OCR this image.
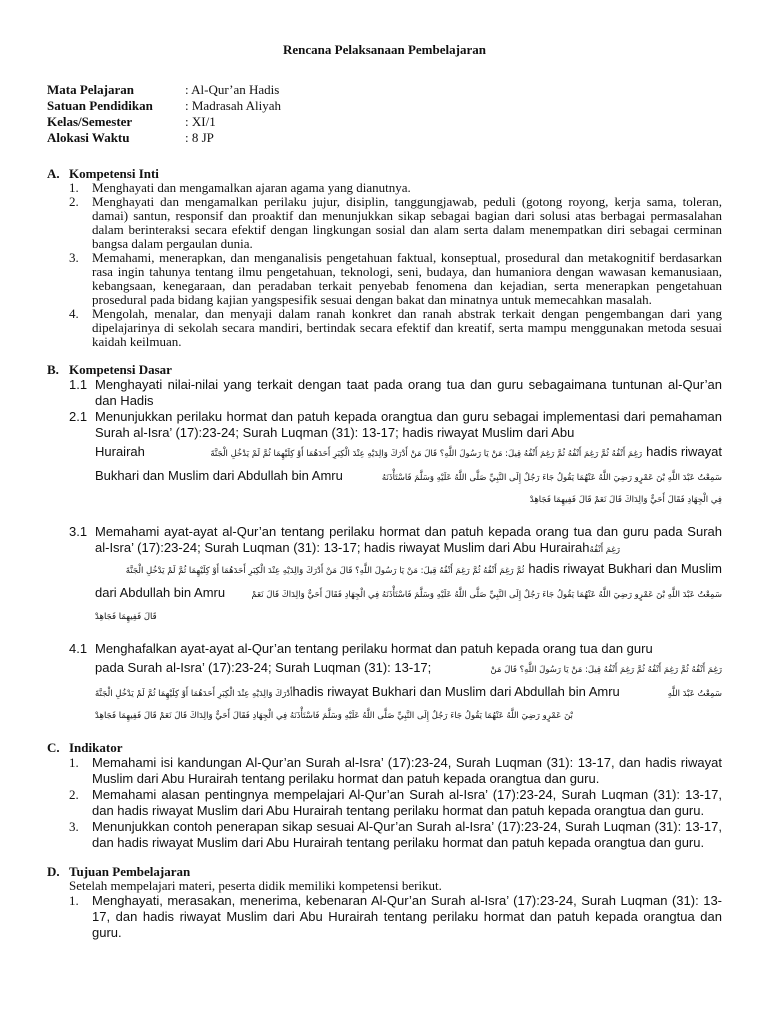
Rencana Pelaksanaan Pembelajaran
Mata Pelajaran	: Al-Qur’an Hadis
Satuan Pendidikan	: Madrasah Aliyah
Kelas/Semester	: XI/1
Alokasi Waktu	: 8 JP
A. Kompetensi Inti
1.	Menghayati dan mengamalkan ajaran agama yang dianutnya.
2.	Menghayati dan mengamalkan perilaku jujur, disiplin, tanggungjawab, peduli (gotong royong, kerja sama, toleran, damai) santun, responsif dan proaktif dan menunjukkan sikap sebagai bagian dari solusi atas berbagai permasalahan dalam berinteraksi secara efektif dengan lingkungan sosial dan alam serta dalam menempatkan diri sebagai cerminan bangsa dalam pergaulan dunia.
3.	Memahami, menerapkan, dan menganalisis pengetahuan faktual, konseptual, prosedural dan metakognitif berdasarkan rasa ingin tahunya tentang ilmu pengetahuan, teknologi, seni, budaya, dan humaniora dengan wawasan kemanusiaan, kebangsaan, kenegaraan, dan peradaban terkait penyebab fenomena dan kejadian, serta menerapkan pengetahuan prosedural pada bidang kajian yangspesifik sesuai dengan bakat dan minatnya untuk memecahkan masalah.
4.	Mengolah, menalar, dan menyaji dalam ranah konkret dan ranah abstrak terkait dengan pengembangan dari yang dipelajarinya di sekolah secara mandiri, bertindak secara efektif dan kreatif, serta mampu menggunakan metoda sesuai kaidah keilmuan.
B. Kompetensi Dasar
1.1 Menghayati nilai-nilai yang terkait dengan taat pada orang tua dan guru sebagaimana tuntunan al-Qur’an dan Hadis
2.1 Menunjukkan perilaku hormat dan patuh kepada orangtua dan guru sebagai implementasi dari pemahaman Surah al-Isra’ (17):23-24; Surah Luqman (31): 13-17; hadis riwayat Muslim dari Abu
Hurairah	رَغِمَ أَنْفُهُ ثُمَّ رَغِمَ أَنْفُهُ ثُمَّ رَغِمَ أَنْفُهُ قِيلَ: مَنْ يَا رَسُولَ اللَّهِ؟ قَالَ مَنْ أَدْرَكَ وَالِدَيْهِ عِنْدَ الْكِبَرِ أَحَدَهُمَا أَوْ كِلَيْهِمَا ثُمَّ لَمْ يَدْخُلِ الْجَنَّةَ hadis riwayat
Bukhari dan Muslim dari Abdullah bin Amru	سَمِعْتُ عَبْدَ اللَّهِ بْنَ عَمْرٍو رَضِيَ اللَّهُ عَنْهُمَا يَقُولُ جَاءَ رَجُلٌ إِلَى النَّبِيِّ صَلَّى اللَّهُ عَلَيْهِ وَسَلَّمَ فَاسْتَأْذَنَهُ
فِي الْجِهَادِ فَقَالَ أَحَيٌّ وَالِدَاكَ قَالَ نَعَمْ قَالَ فَفِيهِمَا فَجَاهِدْ
3.1 Memahami ayat-ayat al-Qur’an tentang perilaku hormat dan patuh kepada orang tua dan guru pada Surah al-Isra’ (17):23-24; Surah Luqman (31): 13-17; hadis riwayat Muslim dari Abu Hurairahرَغِمَ أَنْفُهُ
ثُمَّ رَغِمَ أَنْفُهُ ثُمَّ رَغِمَ أَنْفُهُ قِيلَ: مَنْ يَا رَسُولَ اللَّهِ؟ قَالَ مَنْ أَدْرَكَ وَالِدَيْهِ عِنْدَ الْكِبَرِ أَحَدَهُمَا أَوْ كِلَيْهِمَا ثُمَّ لَمْ يَدْخُلِ الْجَنَّةَ hadis riwayat Bukhari dan Muslim
dari Abdullah bin Amru	سَمِعْتُ عَبْدَ اللَّهِ بْنَ عَمْرٍو رَضِيَ اللَّهُ عَنْهُمَا يَقُولُ جَاءَ رَجُلٌ إِلَى النَّبِيِّ صَلَّى اللَّهُ عَلَيْهِ وَسَلَّمَ فَاسْتَأْذَنَهُ فِي الْجِهَادِ فَقَالَ أَحَيٌّ وَالِدَاكَ قَالَ نَعَمْ
قَالَ فَفِيهِمَا فَجَاهِدْ
4.1 Menghafalkan ayat-ayat al-Qur’an tentang perilaku hormat dan patuh kepada orang tua dan guru
pada Surah al-Isra’ (17):23-24; Surah Luqman (31): 13-17;	رَغِمَ أَنْفُهُ ثُمَّ رَغِمَ أَنْفُهُ ثُمَّ رَغِمَ أَنْفُهُ قِيلَ: مَنْ يَا رَسُولَ اللَّهِ؟ قَالَ مَنْ
أَدْرَكَ وَالِدَيْهِ عِنْدَ الْكِبَرِ أَحَدَهُمَا أَوْ كِلَيْهِمَا ثُمَّ لَمْ يَدْخُلِ الْجَنَّةَ hadis riwayat Bukhari dan Muslim dari Abdullah bin Amru	سَمِعْتُ عَبْدَ اللَّهِ
بْنَ عَمْرٍو رَضِيَ اللَّهُ عَنْهُمَا يَقُولُ جَاءَ رَجُلٌ إِلَى النَّبِيِّ صَلَّى اللَّهُ عَلَيْهِ وَسَلَّمَ فَاسْتَأْذَنَهُ فِي الْجِهَادِ فَقَالَ أَحَيٌّ وَالِدَاكَ قَالَ نَعَمْ قَالَ فَفِيهِمَا فَجَاهِدْ
C. Indikator
1.	Memahami isi kandungan Al-Qur’an Surah al-Isra’ (17):23-24, Surah Luqman (31): 13-17, dan hadis riwayat Muslim dari Abu Hurairah tentang perilaku hormat dan patuh kepada orangtua dan guru.
2.	Memahami alasan pentingnya mempelajari Al-Qur’an Surah al-Isra’ (17):23-24, Surah Luqman (31): 13-17, dan hadis riwayat Muslim dari Abu Hurairah tentang perilaku hormat dan patuh kepada orangtua dan guru.
3.	Menunjukkan contoh penerapan sikap sesuai Al-Qur’an Surah al-Isra’ (17):23-24, Surah Luqman (31): 13-17, dan hadis riwayat Muslim dari Abu Hurairah tentang perilaku hormat dan patuh kepada orangtua dan guru.
D. Tujuan Pembelajaran
Setelah mempelajari materi, peserta didik memiliki kompetensi berikut.
1.	Menghayati, merasakan, menerima, kebenaran Al-Qur’an Surah al-Isra’ (17):23-24, Surah Luqman (31): 13-17, dan hadis riwayat Muslim dari Abu Hurairah tentang perilaku hormat dan patuh kepada orangtua dan guru.
